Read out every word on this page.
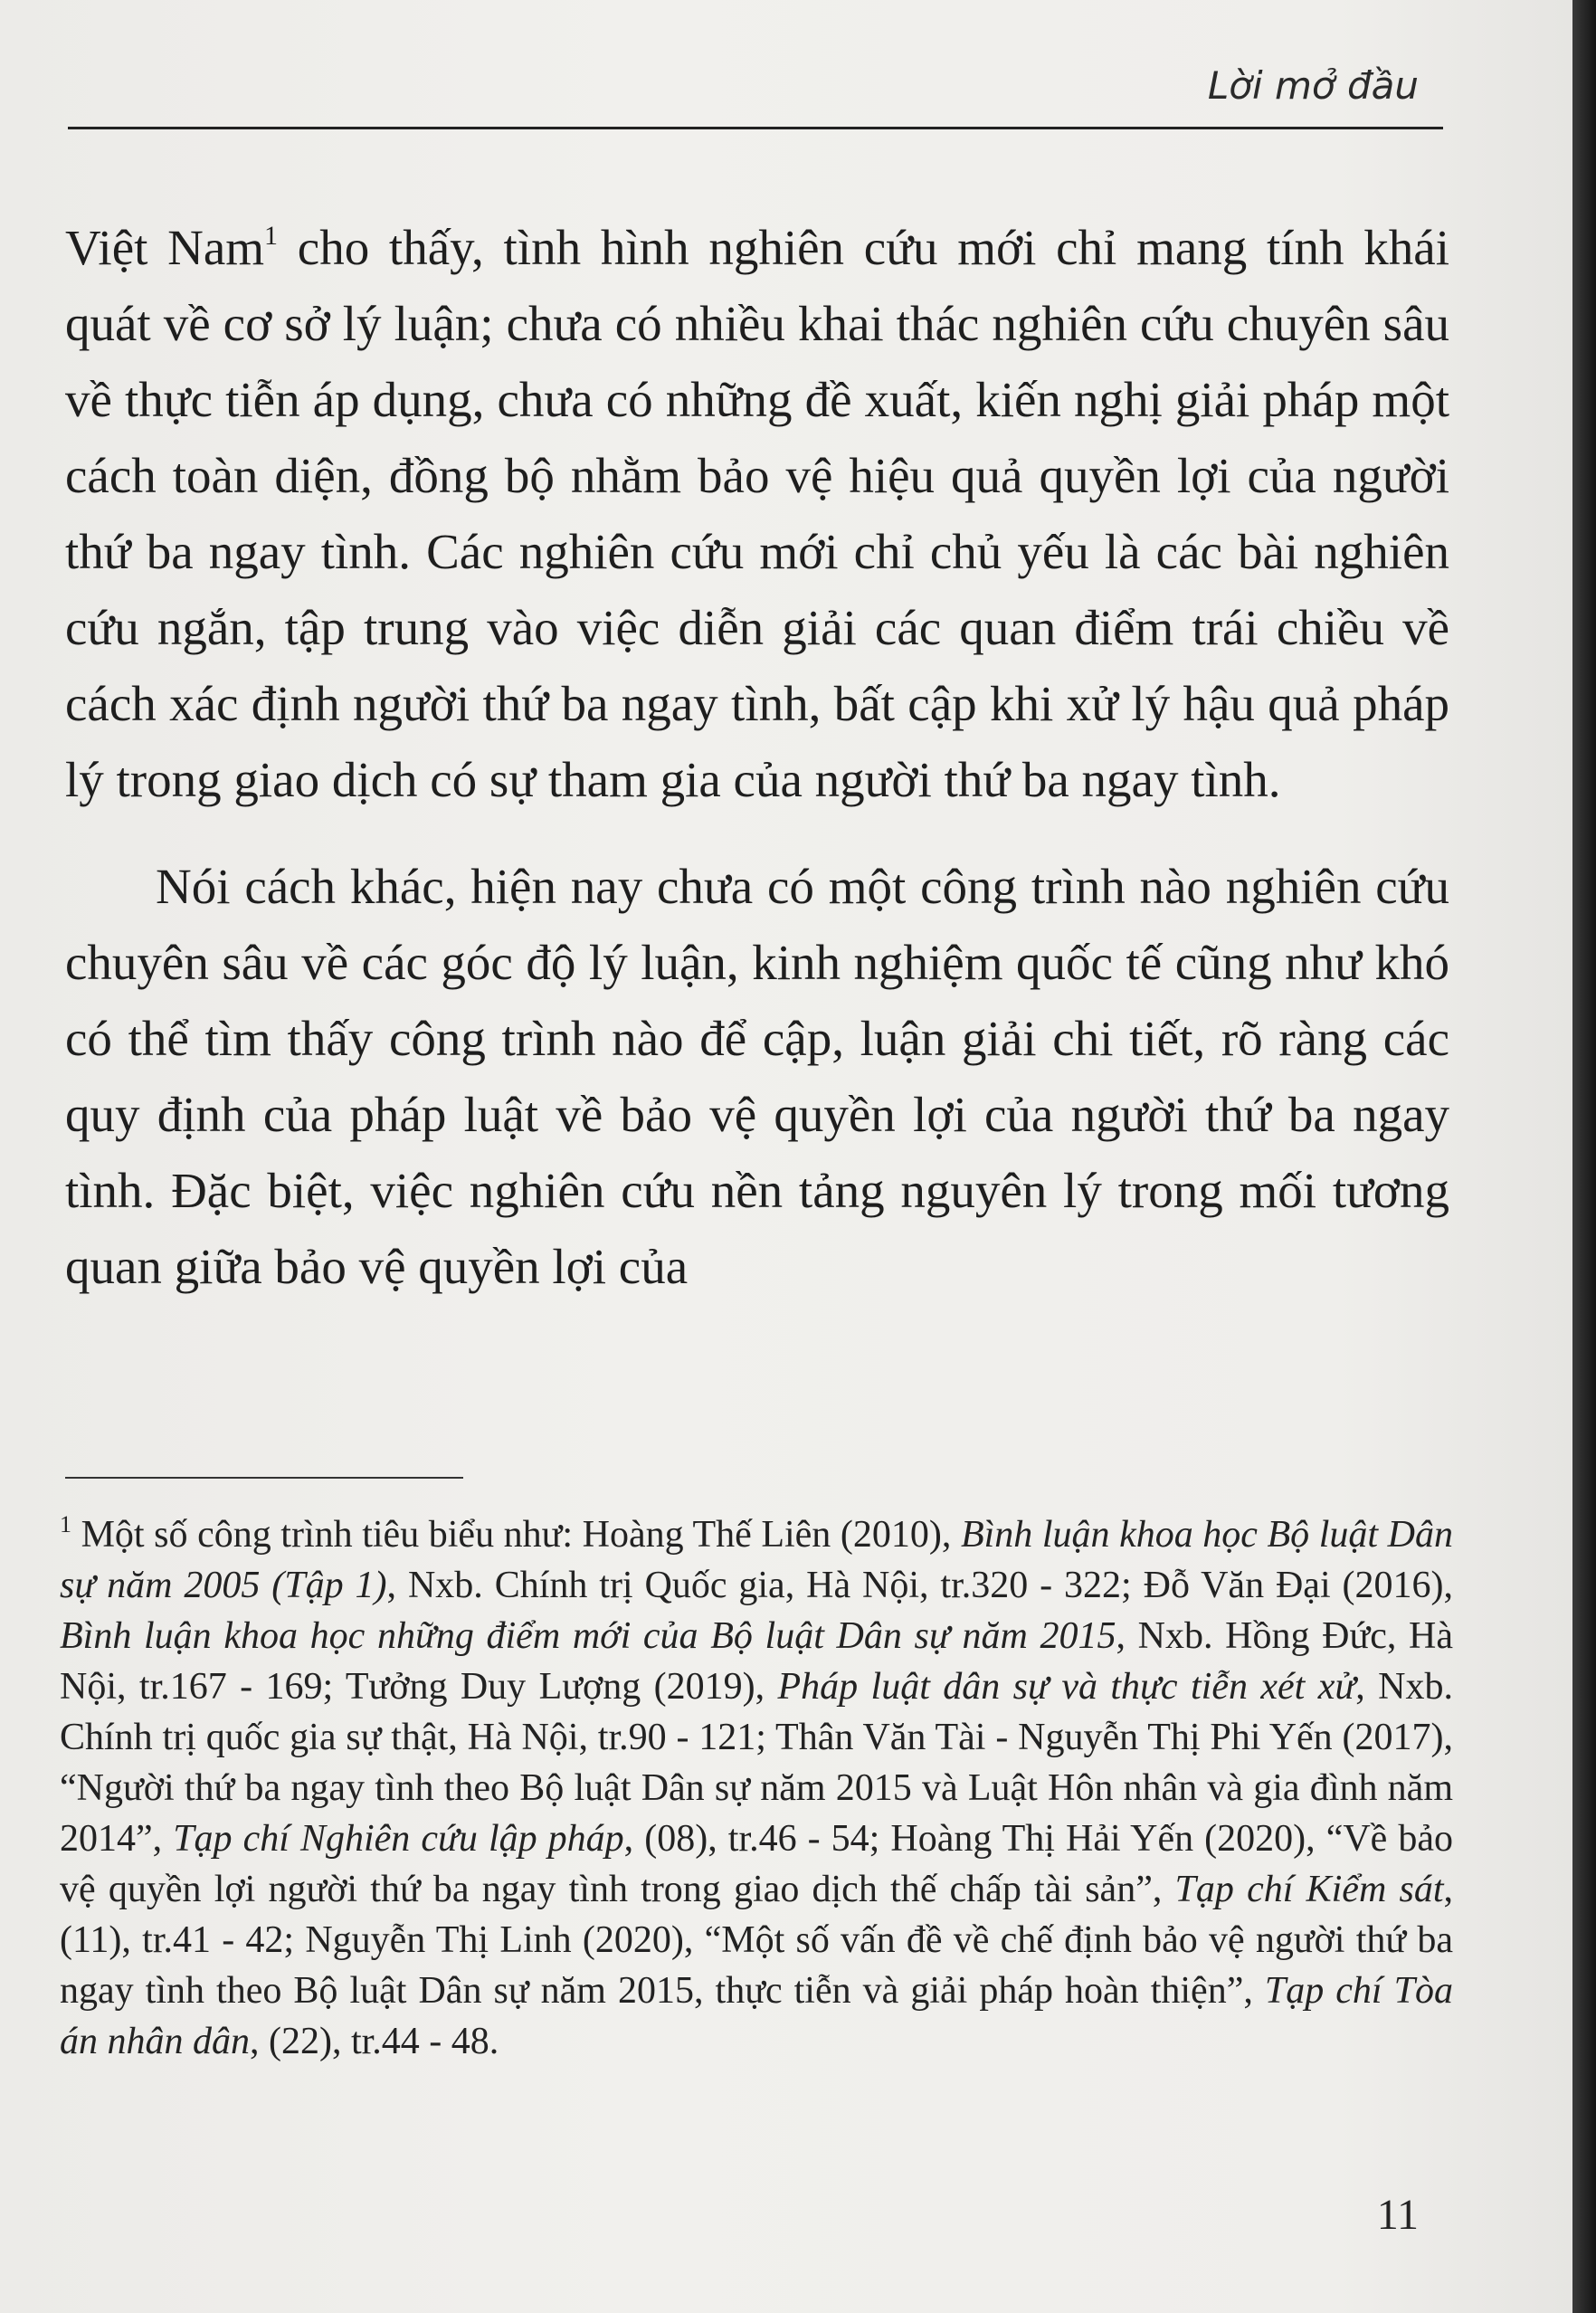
Lời mở đầu

Việt Nam$^1$ cho thấy, tình hình nghiên cứu mới chỉ mang tính khái quát về cơ sở lý luận; chưa có nhiều khai thác nghiên cứu chuyên sâu về thực tiễn áp dụng, chưa có những đề xuất, kiến nghị giải pháp một cách toàn diện, đồng bộ nhằm bảo vệ hiệu quả quyền lợi của người thứ ba ngay tình. Các nghiên cứu mới chỉ chủ yếu là các bài nghiên cứu ngắn, tập trung vào việc diễn giải các quan điểm trái chiều về cách xác định người thứ ba ngay tình, bất cập khi xử lý hậu quả pháp lý trong giao dịch có sự tham gia của người thứ ba ngay tình.

Nói cách khác, hiện nay chưa có một công trình nào nghiên cứu chuyên sâu về các góc độ lý luận, kinh nghiệm quốc tế cũng như khó có thể tìm thấy công trình nào để cập, luận giải chi tiết, rõ ràng các quy định của pháp luật về bảo vệ quyền lợi của người thứ ba ngay tình. Đặc biệt, việc nghiên cứu nền tảng nguyên lý trong mối tương quan giữa bảo vệ quyền lợi của

$^1$ Một số công trình tiêu biểu như: Hoàng Thế Liên (2010), Bình luận khoa học Bộ luật Dân sự năm 2005 (Tập 1), Nxb. Chính trị Quốc gia, Hà Nội, tr.320 - 322; Đỗ Văn Đại (2016), Bình luận khoa học những điểm mới của Bộ luật Dân sự năm 2015, Nxb. Hồng Đức, Hà Nội, tr.167 - 169; Tưởng Duy Lượng (2019), Pháp luật dân sự và thực tiễn xét xử, Nxb. Chính trị quốc gia sự thật, Hà Nội, tr.90 - 121; Thân Văn Tài - Nguyễn Thị Phi Yến (2017), “Người thứ ba ngay tình theo Bộ luật Dân sự năm 2015 và Luật Hôn nhân và gia đình năm 2014”, Tạp chí Nghiên cứu lập pháp, (08), tr.46 - 54; Hoàng Thị Hải Yến (2020), “Về bảo vệ quyền lợi người thứ ba ngay tình trong giao dịch thế chấp tài sản”, Tạp chí Kiểm sát, (11), tr.41 - 42; Nguyễn Thị Linh (2020), “Một số vấn đề về chế định bảo vệ người thứ ba ngay tình theo Bộ luật Dân sự năm 2015, thực tiễn và giải pháp hoàn thiện”, Tạp chí Tòa án nhân dân, (22), tr.44 - 48.
11
